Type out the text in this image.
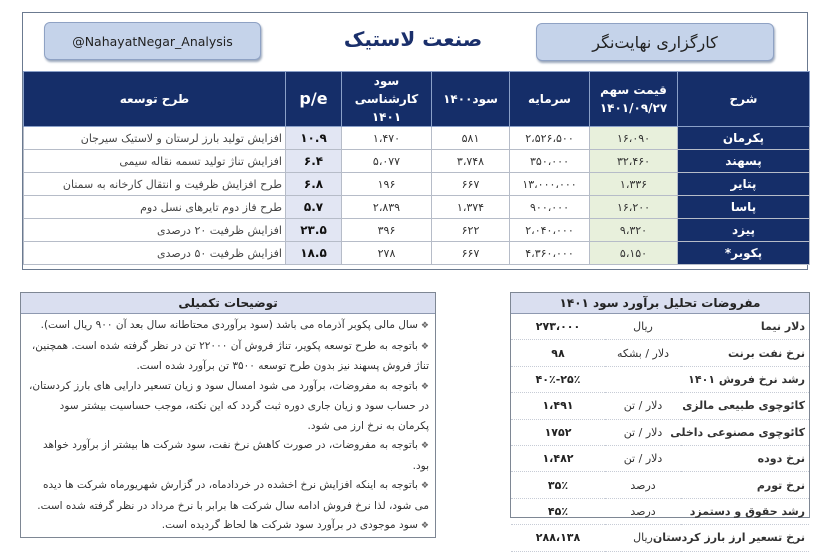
@NahayatNegar_Analysis	صنعت لاستیک	کارگزاری نهایت‌نگر
شرح	قیمت سهم ۱۴۰۱/۰۹/۲۷	سرمایه	سود۱۴۰۰	سود کارشناسی ۱۴۰۱	p/e	طرح توسعه
پکرمان	۱۶،۰۹۰	۲،۵۲۶،۵۰۰	۵۸۱	۱،۴۷۰	۱۰.۹	افزایش تولید بارز لرستان و لاستیک سیرجان
پسهند	۳۲،۴۶۰	۳۵۰،۰۰۰	۳،۷۴۸	۵،۰۷۷	۶.۴	افزایش تناژ تولید تسمه نقاله سیمی
پتایر	۱،۳۳۶	۱۳،۰۰۰،۰۰۰	۶۶۷	۱۹۶	۶.۸	طرح افزایش ظرفیت و انتقال کارخانه به سمنان
پاسا	۱۶،۲۰۰	۹۰۰،۰۰۰	۱،۳۷۴	۲،۸۳۹	۵.۷	طرح فاز دوم تایرهای نسل دوم
پیزد	۹،۳۲۰	۲،۰۴۰،۰۰۰	۶۲۲	۳۹۶	۲۳.۵	افزایش ظرفیت ۲۰ درصدی
پکوبر*	۵،۱۵۰	۴،۳۶۰،۰۰۰	۶۶۷	۲۷۸	۱۸.۵	افزایش ظرفیت ۵۰ درصدی
توضیحات تکمیلی
❖سال مالی پکوبر آذرماه می باشد (سود برآوردی محتاطانه سال بعد آن ۹۰۰ ریال است).
❖باتوجه به طرح توسعه پکویر، تناژ فروش آن ۲۲۰۰۰ تن در نظر گرفته شده است. همچنین، تناژ فروش پسهند نیز بدون طرح توسعه ۳۵۰۰ تن برآورد شده است.
❖باتوجه به مفروضات، برآورد می شود امسال سود و زیان تسعیر دارایی های بارز کردستان، در حساب سود و زیان جاری دوره ثبت گردد که این نکته، موجب حساسیت بیشتر سود پکرمان به نرخ ارز می شود.
❖باتوجه به مفروضات، در صورت کاهش نرخ نفت، سود شرکت ها بیشتر از برآورد خواهد بود.
❖باتوجه به اینکه افزایش نرخ اخشده در خردادماه، در گزارش شهریورماه شرکت ها دیده می شود، لذا نرخ فروش ادامه سال شرکت ها برابر با نرخ مرداد در نظر گرفته شده است.
❖سود موجودی در برآورد سود شرکت ها لحاظ گردیده است.
مفروضات تحلیل برآورد سود ۱۴۰۱
دلار نیما	ریال	۲۷۳،۰۰۰
نرخ نفت برنت	دلار / بشکه	۹۸
رشد نرخ فروش ۱۴۰۱		۲۵٪-۴۰٪
کائوچوی طبیعی مالزی	دلار / تن	۱،۴۹۱
کائوچوی مصنوعی داخلی	دلار / تن	۱۷۵۲
نرخ دوده	دلار / تن	۱،۴۸۲
نرخ تورم	درصد	۳۵٪
رشد حقوق و دستمزد	درصد	۴۵٪
نرخ تسعیر ارز بارز کردستان	ریال	۲۸۸،۱۳۸
